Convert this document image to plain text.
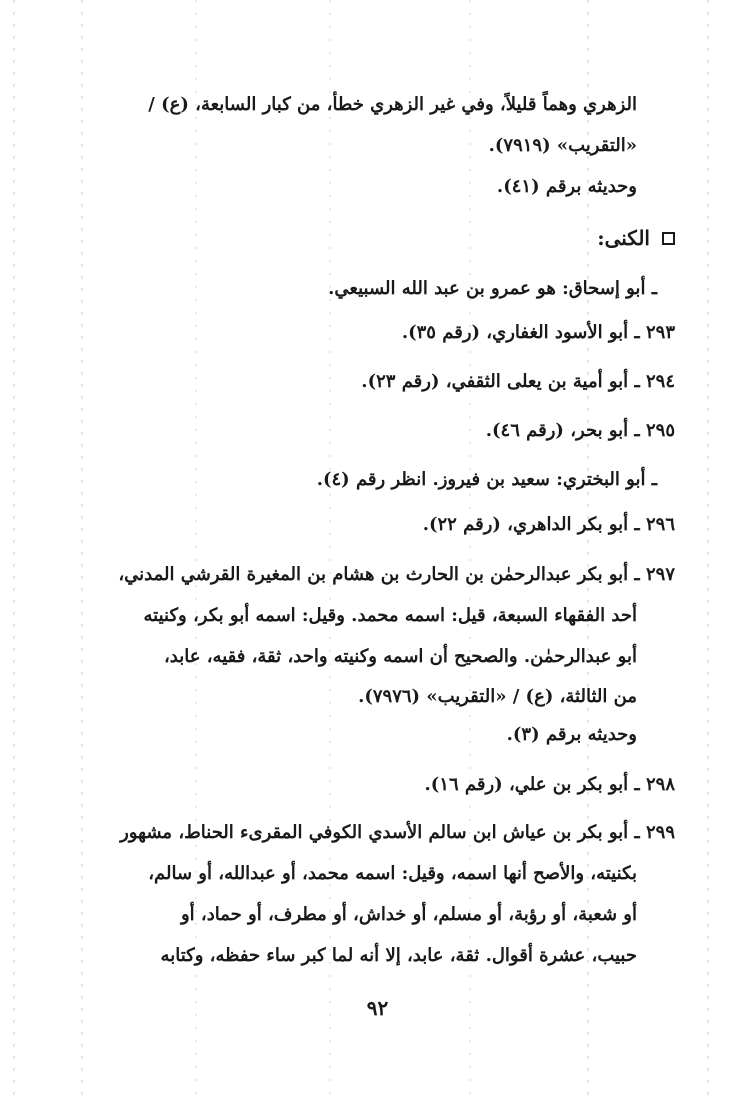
الزهري وهماً قليلاً، وفي غير الزهري خطأ، من كبار السابعة، (ع) /
«التقريب» (٧٩١٩).
وحديثه برقم (٤١).
الكنى:
ـ أبو إسحاق: هو عمرو بن عبد الله السبيعي.
٢٩٣ ـ أبو الأسود الغفاري، (رقم ٣٥).
٢٩٤ ـ أبو أمية بن يعلى الثقفي، (رقم ٢٣).
٢٩٥ ـ أبو بحر، (رقم ٤٦).
ـ أبو البختري: سعيد بن فيروز. انظر رقم (٤).
٢٩٦ ـ أبو بكر الداهري، (رقم ٢٢).
٢٩٧ ـ أبو بكر عبدالرحمٰن بن الحارث بن هشام بن المغيرة القرشي المدني،
أحد الفقهاء السبعة، قيل: اسمه محمد. وقيل: اسمه أبو بكر، وكنيته
أبو عبدالرحمٰن. والصحيح أن اسمه وكنيته واحد، ثقة، فقيه، عابد،
من الثالثة، (ع) / «التقريب» (٧٩٧٦).
وحديثه برقم (٣).
٢٩٨ ـ أبو بكر بن علي، (رقم ١٦).
٢٩٩ ـ أبو بكر بن عياش ابن سالم الأسدي الكوفي المقرىء الحناط، مشهور
بكنيته، والأصح أنها اسمه، وقيل: اسمه محمد، أو عبدالله، أو سالم،
أو شعبة، أو رؤبة، أو مسلم، أو خداش، أو مطرف، أو حماد، أو
حبيب، عشرة أقوال. ثقة، عابد، إلا أنه لما كبر ساء حفظه، وكتابه
٩٢
